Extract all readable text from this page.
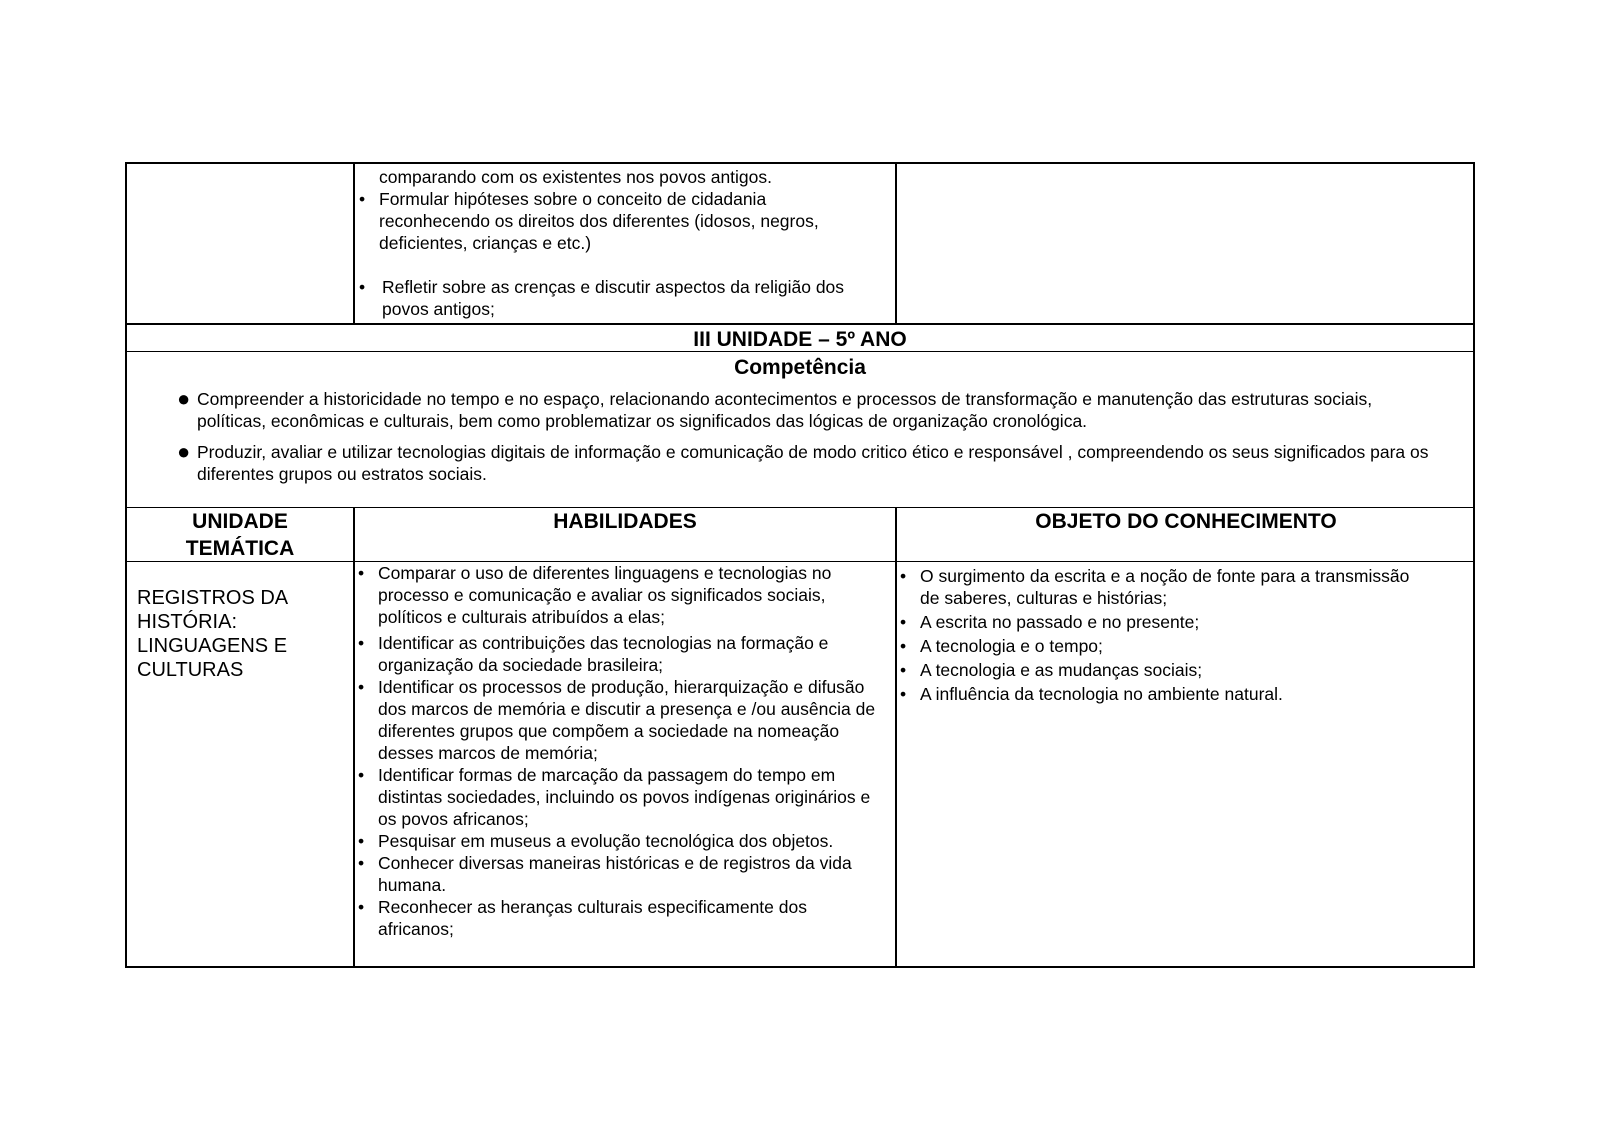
comparando com os existentes nos povos antigos.
• Formular hipóteses sobre o conceito de cidadania reconhecendo os direitos dos diferentes (idosos, negros, deficientes, crianças e etc.)
• Refletir sobre as crenças e discutir aspectos da religião dos povos antigos;
III UNIDADE – 5º ANO
Competência
● Compreender a historicidade no tempo e no espaço, relacionando acontecimentos e processos de transformação e manutenção das estruturas sociais, políticas, econômicas e culturais, bem como problematizar os significados das lógicas de organização cronológica.
● Produzir, avaliar e utilizar tecnologias digitais de informação e comunicação de modo critico ético e responsável , compreendendo os seus significados para os diferentes grupos ou estratos sociais.
UNIDADE
TEMÁTICA
HABILIDADES	OBJETO DO CONHECIMENTO
REGISTROS DA HISTÓRIA: LINGUAGENS E CULTURAS
• Comparar o uso de diferentes linguagens e tecnologias no processo e comunicação e avaliar os significados sociais, políticos e culturais atribuídos a elas;
• Identificar as contribuições das tecnologias na formação e organização da sociedade brasileira;
• Identificar os processos de produção, hierarquização e difusão dos marcos de memória e discutir a presença e /ou ausência de diferentes grupos que compõem a sociedade na nomeação desses marcos de memória;
• Identificar formas de marcação da passagem do tempo em distintas sociedades, incluindo os povos indígenas originários e os povos africanos;
• Pesquisar em museus a evolução tecnológica dos objetos.
• Conhecer diversas maneiras históricas e de registros da vida humana.
• Reconhecer as heranças culturais especificamente dos africanos;
• O surgimento da escrita e a noção de fonte para a transmissão de saberes, culturas e histórias;
• A escrita no passado e no presente;
• A tecnologia e o tempo;
• A tecnologia e as mudanças sociais;
• A influência da tecnologia no ambiente natural.
